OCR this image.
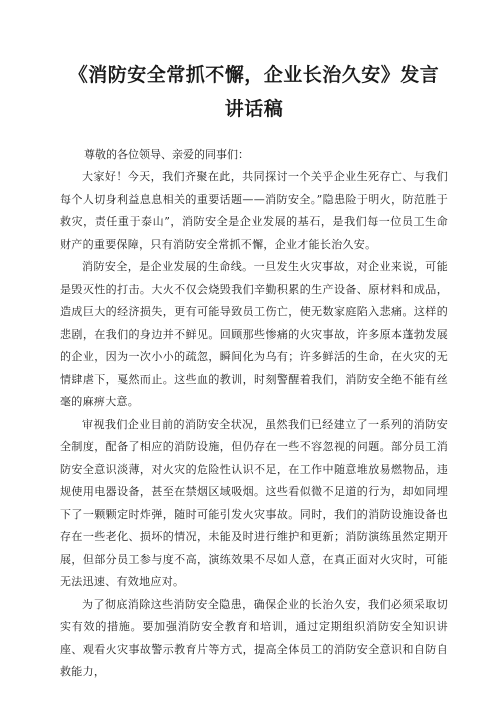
《消防安全常抓不懈，企业长治久安》发言讲话稿

尊敬的各位领导、亲爱的同事们：

大家好！今天，我们齐聚在此，共同探讨一个关乎企业生死存亡、与我们每个人切身利益息息相关的重要话题——消防安全。”隐患险于明火，防范胜于救灾，责任重于泰山”，消防安全是企业发展的基石，是我们每一位员工生命财产的重要保障，只有消防安全常抓不懈，企业才能长治久安。

消防安全，是企业发展的生命线。一旦发生火灾事故，对企业来说，可能是毁灭性的打击。大火不仅会烧毁我们辛勤积累的生产设备、原材料和成品，造成巨大的经济损失，更有可能导致员工伤亡，使无数家庭陷入悲痛。这样的悲剧，在我们的身边并不鲜见。回顾那些惨痛的火灾事故，许多原本蓬勃发展的企业，因为一次小小的疏忽，瞬间化为乌有；许多鲜活的生命，在火灾的无情肆虐下，戛然而止。这些血的教训，时刻警醒着我们，消防安全绝不能有丝毫的麻痹大意。

审视我们企业目前的消防安全状况，虽然我们已经建立了一系列的消防安全制度，配备了相应的消防设施，但仍存在一些不容忽视的问题。部分员工消防安全意识淡薄，对火灾的危险性认识不足，在工作中随意堆放易燃物品，违规使用电器设备，甚至在禁烟区域吸烟。这些看似微不足道的行为，却如同埋下了一颗颗定时炸弹，随时可能引发火灾事故。同时，我们的消防设施设备也存在一些老化、损坏的情况，未能及时进行维护和更新；消防演练虽然定期开展，但部分员工参与度不高，演练效果不尽如人意，在真正面对火灾时，可能无法迅速、有效地应对。

为了彻底消除这些消防安全隐患，确保企业的长治久安，我们必须采取切实有效的措施。要加强消防安全教育和培训，通过定期组织消防安全知识讲座、观看火灾事故警示教育片等方式，提高全体员工的消防安全意识和自防自救能力，
